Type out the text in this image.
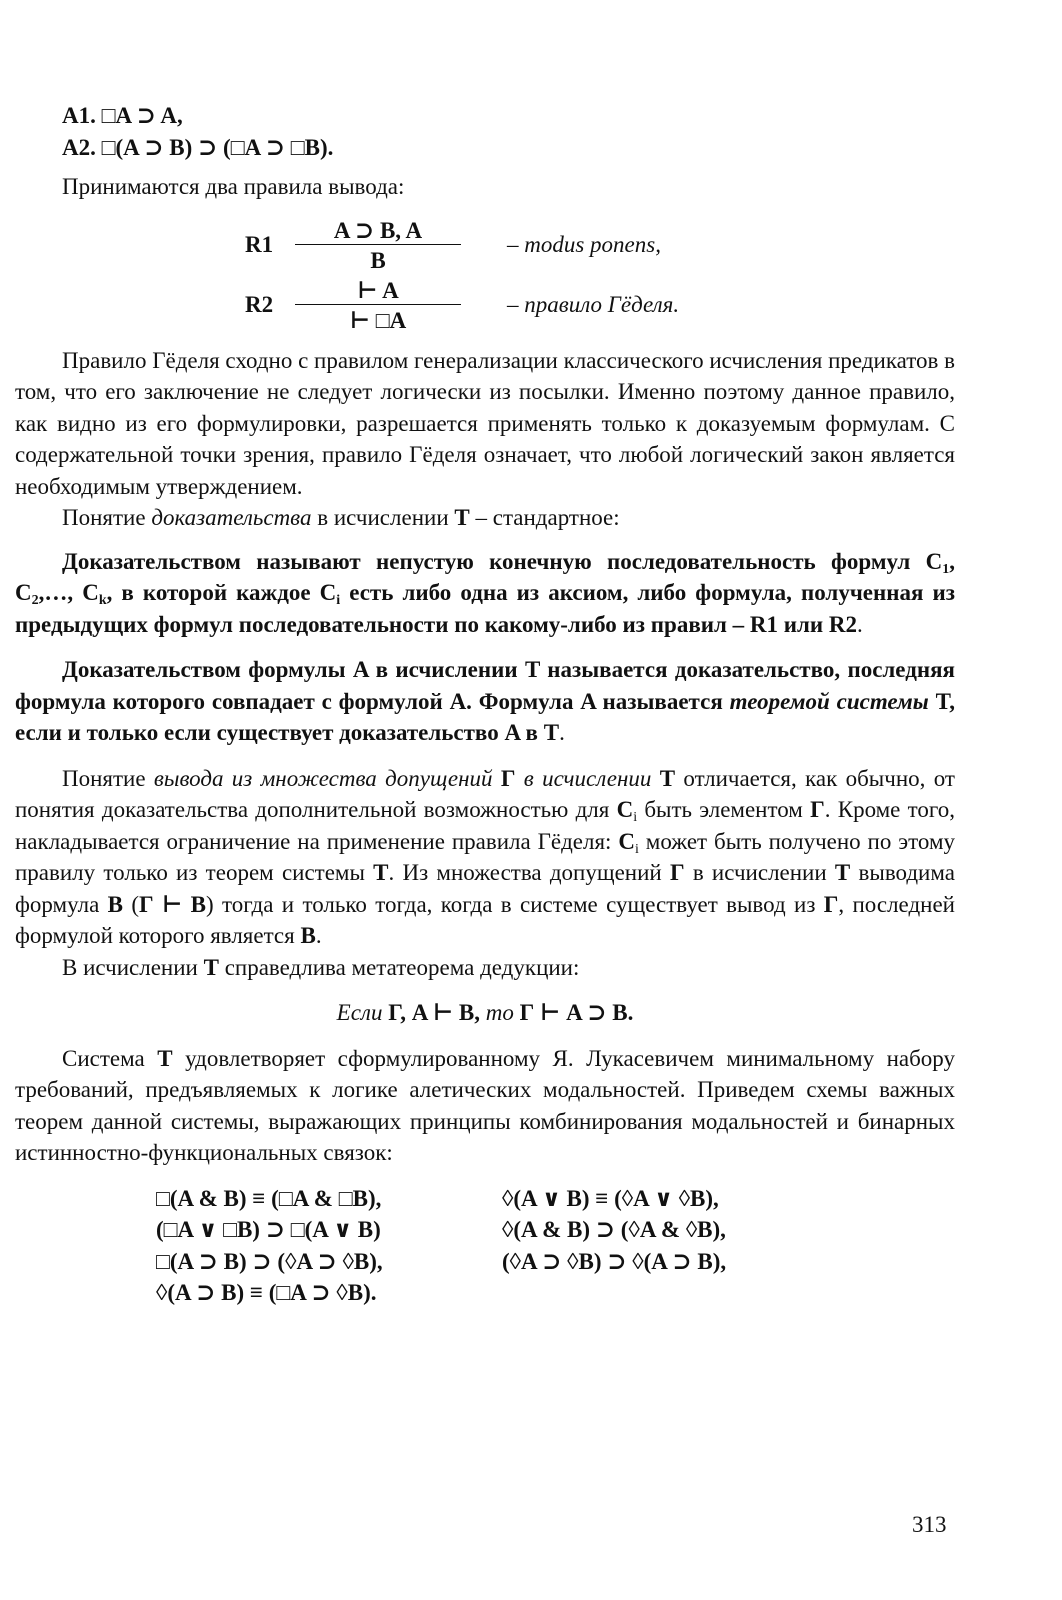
A1. □A ⊃ A,
A2. □(A ⊃ B) ⊃ (□A ⊃ □B).
Принимаются два правила вывода:
R1
A ⊃ B, A
B
– modus ponens,
R2
⊢ A
⊢ □A
– правило Гёделя.

Правило Гёделя сходно с правилом генерализации классического исчисления предикатов в том, что его заключение не следует логически из посылки. Именно поэтому данное правило, как видно из его формулировки, разрешается применять только к доказуемым формулам. С содержательной точки зрения, правило Гёделя означает, что любой логический закон является необходимым утверждением.

Понятие доказательства в исчислении T – стандартное:

Доказательством называют непустую конечную последовательность формул $C_1$, $C_2,\dots$, $C_k$, в которой каждое $C_i$ есть либо одна из аксиом, либо формула, полученная из предыдущих формул последовательности по какому-либо из правил – R1 или R2.

Доказательством формулы A в исчислении T называется доказательство, последняя формула которого совпадает с формулой A. Формула A называется теоремой системы T, если и только если существует доказательство A в T.

Понятие вывода из множества допущений Г в исчислении T отличается, как обычно, от понятия доказательства дополнительной возможностью для $C_i$ быть элементом Г. Кроме того, накладывается ограничение на применение правила Гёделя: $C_i$ может быть получено по этому правилу только из теорем системы T. Из множества допущений Г в исчислении T выводима формула B (Г ⊢ B) тогда и только тогда, когда в системе существует вывод из Г, последней формулой которого является B.

В исчислении T справедлива метатеорема дедукции:

Если Г, A ⊢ B, то Г ⊢ A ⊃ B.

Система T удовлетворяет сформулированному Я. Лукасевичем минимальному набору требований, предъявляемых к логике алетических модальностей. Приведем схемы важных теорем данной системы, выражающих принципы комбинирования модальностей и бинарных истинностно-функциональных связок:

□(A & B) ≡ (□A & □B),
(□A ∨ □B) ⊃ □(A ∨ B)
□(A ⊃ B) ⊃ (◊A ⊃ ◊B),
◊(A ⊃ B) ≡ (□A ⊃ ◊B).
◊(A ∨ B) ≡ (◊A ∨ ◊B),
◊(A & B) ⊃ (◊A & ◊B),
(◊A ⊃ ◊B) ⊃ ◊(A ⊃ B),
313
